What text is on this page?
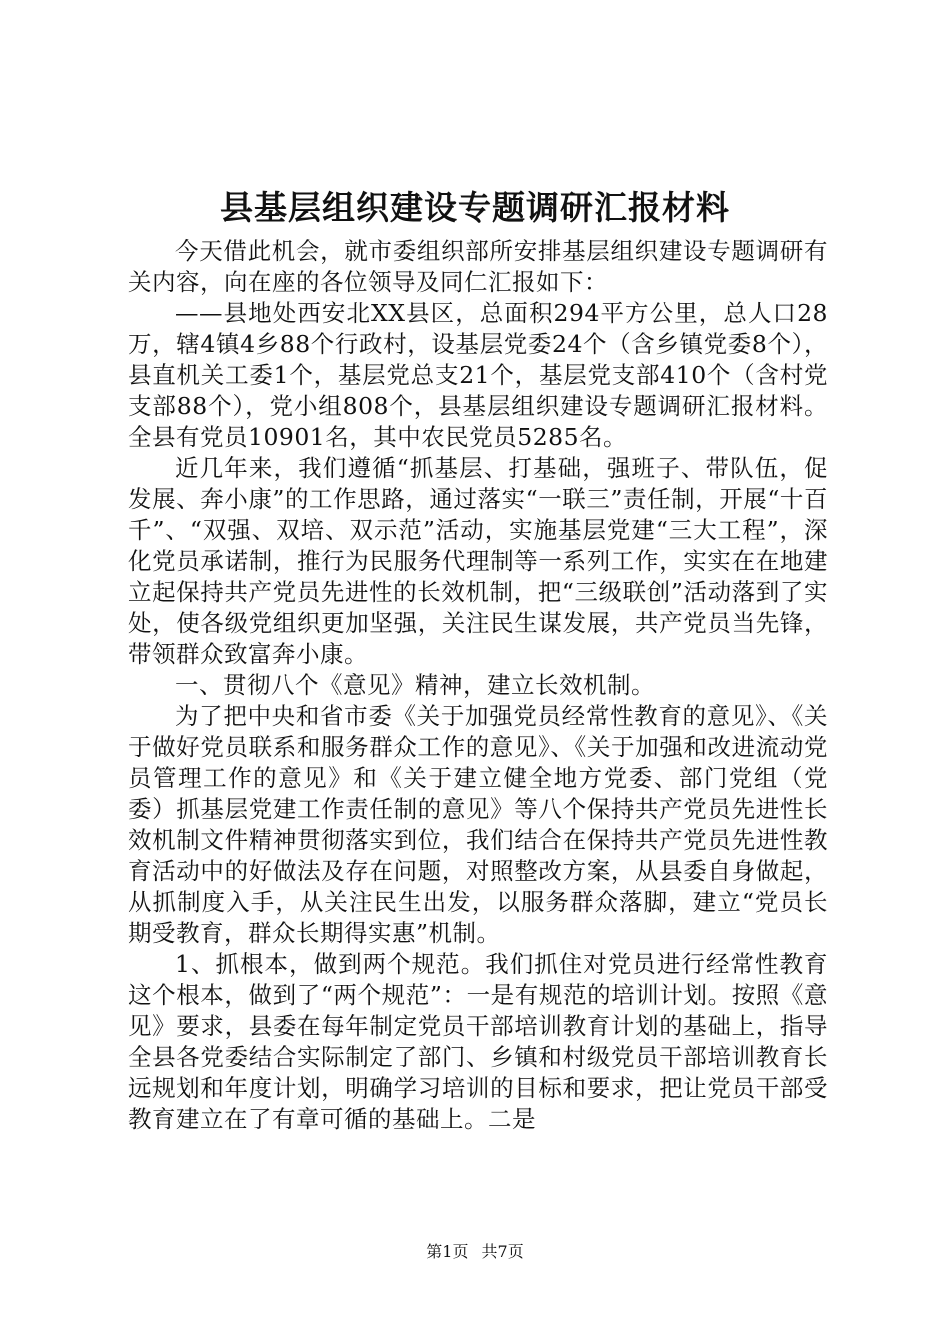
县基层组织建设专题调研汇报材料

今天借此机会，就市委组织部所安排基层组织建设专题调研有关内容，向在座的各位领导及同仁汇报如下：

——县地处西安北XX县区，总面积294平方公里，总人口28万，辖4镇4乡88个行政村，设基层党委24个（含乡镇党委8个），县直机关工委1个，基层党总支21个，基层党支部410个（含村党支部88个），党小组808个，县基层组织建设专题调研汇报材料。全县有党员10901名，其中农民党员5285名。

近几年来，我们遵循“抓基层、打基础，强班子、带队伍，促发展、奔小康”的工作思路，通过落实“一联三”责任制，开展“十百千”、“双强、双培、双示范”活动，实施基层党建“三大工程”，深化党员承诺制，推行为民服务代理制等一系列工作，实实在在地建立起保持共产党员先进性的长效机制，把“三级联创”活动落到了实处，使各级党组织更加坚强，关注民生谋发展，共产党员当先锋，带领群众致富奔小康。

一、贯彻八个《意见》精神，建立长效机制。

为了把中央和省市委《关于加强党员经常性教育的意见》、《关于做好党员联系和服务群众工作的意见》、《关于加强和改进流动党员管理工作的意见》和《关于建立健全地方党委、部门党组（党委）抓基层党建工作责任制的意见》等八个保持共产党员先进性长效机制文件精神贯彻落实到位，我们结合在保持共产党员先进性教育活动中的好做法及存在问题，对照整改方案，从县委自身做起，从抓制度入手，从关注民生出发，以服务群众落脚，建立“党员长期受教育，群众长期得实惠”机制。

1、抓根本，做到两个规范。我们抓住对党员进行经常性教育这个根本，做到了“两个规范”：一是有规范的培训计划。按照《意见》要求，县委在每年制定党员干部培训教育计划的基础上，指导全县各党委结合实际制定了部门、乡镇和村级党员干部培训教育长远规划和年度计划，明确学习培训的目标和要求，把让党员干部受教育建立在了有章可循的基础上。二是

第1页 共7页
